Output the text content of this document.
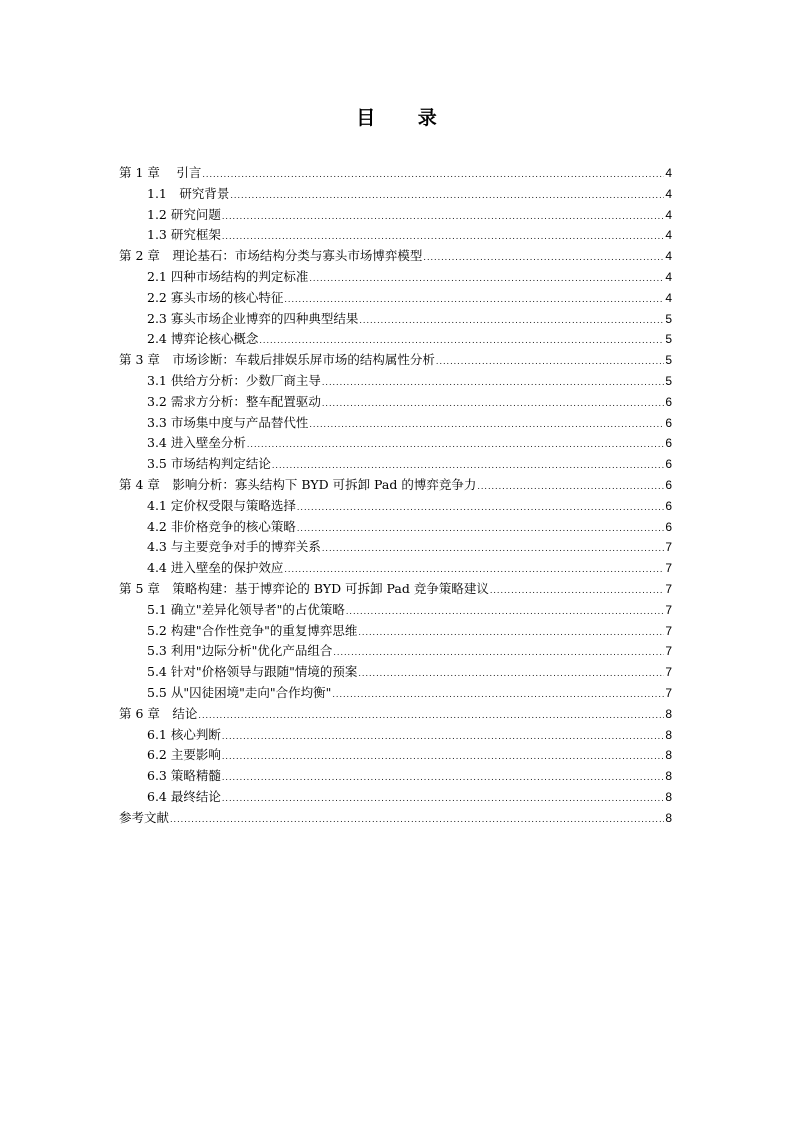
目 录
第 1 章　 引言 .....	4
1.1　研究背景 .....	4
1.2 研究问题 .....	4
1.3 研究框架 .....	4
第 2 章　理论基石：市场结构分类与寡头市场博弈模型 .....	4
2.1 四种市场结构的判定标准 .....	4
2.2 寡头市场的核心特征 .....	4
2.3 寡头市场企业博弈的四种典型结果 .....	5
2.4 博弈论核心概念 .....	5
第 3 章　市场诊断：车载后排娱乐屏市场的结构属性分析 .....	5
3.1 供给方分析：少数厂商主导 .....	5
3.2 需求方分析：整车配置驱动 .....	6
3.3 市场集中度与产品替代性 .....	6
3.4 进入壁垒分析 .....	6
3.5 市场结构判定结论 .....	6
第 4 章　影响分析：寡头结构下 BYD 可拆卸 Pad 的博弈竞争力 .....	6
4.1 定价权受限与策略选择 .....	6
4.2 非价格竞争的核心策略 .....	6
4.3 与主要竞争对手的博弈关系 .....	7
4.4 进入壁垒的保护效应 .....	7
第 5 章　策略构建：基于博弈论的 BYD 可拆卸 Pad 竞争策略建议 .....	7
5.1 确立"差异化领导者"的占优策略 .....	7
5.2 构建"合作性竞争"的重复博弈思维 .....	7
5.3 利用"边际分析"优化产品组合 .....	7
5.4 针对"价格领导与跟随"情境的预案 .....	7
5.5 从"囚徒困境"走向"合作均衡" .....	7
第 6 章　结论 .....	8
6.1 核心判断 .....	8
6.2 主要影响 .....	8
6.3 策略精髓 .....	8
6.4 最终结论 .....	8
参考文献 .....	8
